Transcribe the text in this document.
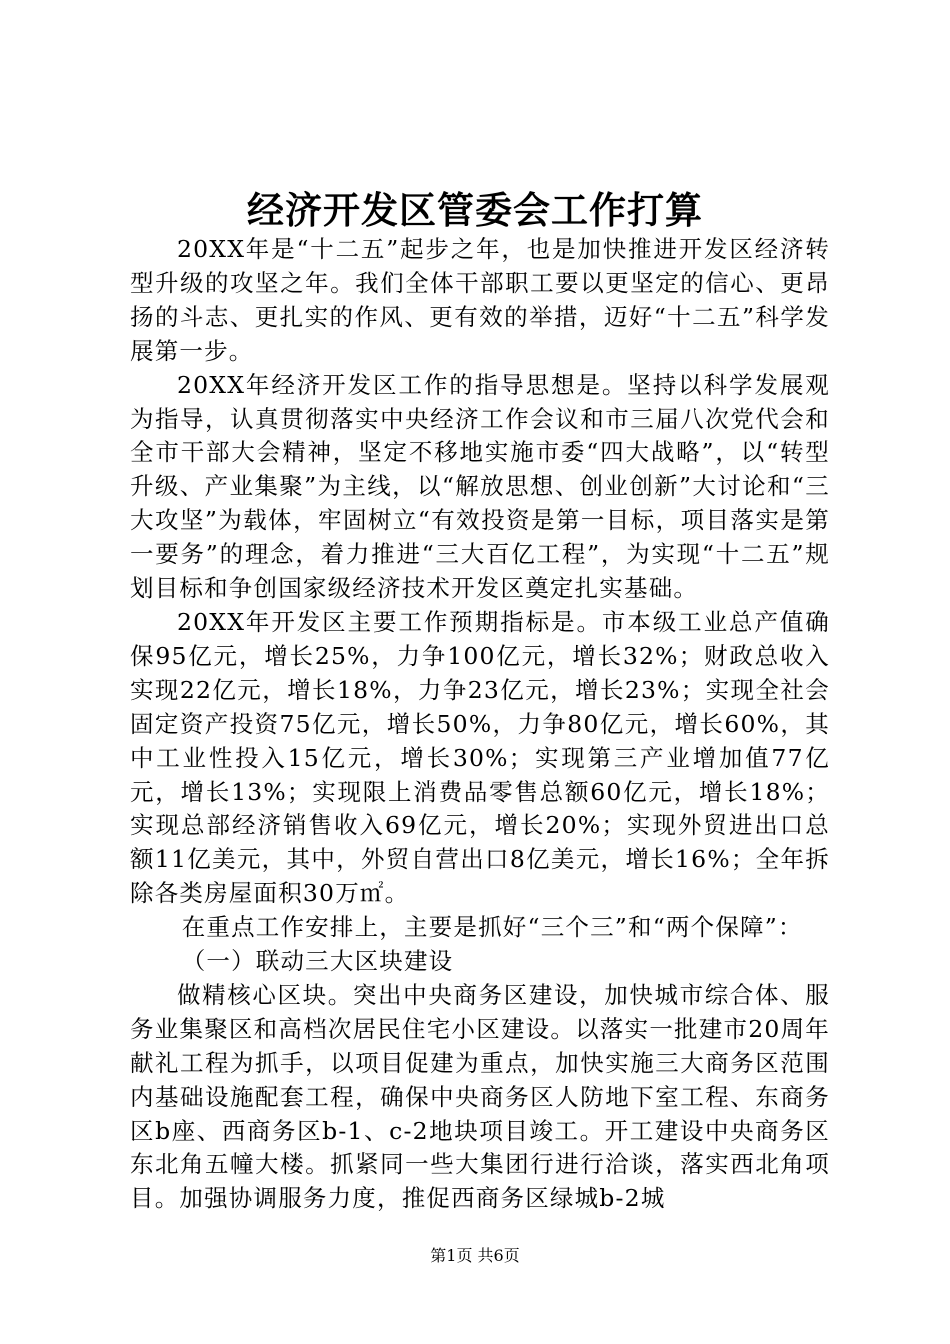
经济开发区管委会工作打算

20XX年是“十二五”起步之年，也是加快推进开发区经济转型升级的攻坚之年。我们全体干部职工要以更坚定的信心、更昂扬的斗志、更扎实的作风、更有效的举措，迈好“十二五”科学发展第一步。

20XX年经济开发区工作的指导思想是。坚持以科学发展观为指导，认真贯彻落实中央经济工作会议和市三届八次党代会和全市干部大会精神，坚定不移地实施市委“四大战略”，以“转型升级、产业集聚”为主线，以“解放思想、创业创新”大讨论和“三大攻坚”为载体，牢固树立“有效投资是第一目标，项目落实是第一要务”的理念，着力推进“三大百亿工程”，为实现“十二五”规划目标和争创国家级经济技术开发区奠定扎实基础。

20XX年开发区主要工作预期指标是。市本级工业总产值确保95亿元，增长25%，力争100亿元，增长32%；财政总收入实现22亿元，增长18%，力争23亿元，增长23%；实现全社会固定资产投资75亿元，增长50%，力争80亿元，增长60%，其中工业性投入15亿元，增长30%；实现第三产业增加值77亿元，增长13%；实现限上消费品零售总额60亿元，增长18%；实现总部经济销售收入69亿元，增长20%；实现外贸进出口总额11亿美元，其中，外贸自营出口8亿美元，增长16%；全年拆除各类房屋面积30万㎡。

在重点工作安排上，主要是抓好“三个三”和“两个保障”：

（一）联动三大区块建设

做精核心区块。突出中央商务区建设，加快城市综合体、服务业集聚区和高档次居民住宅小区建设。以落实一批建市20周年献礼工程为抓手，以项目促建为重点，加快实施三大商务区范围内基础设施配套工程，确保中央商务区人防地下室工程、东商务区b座、西商务区b-1、c-2地块项目竣工。开工建设中央商务区东北角五幢大楼。抓紧同一些大集团行进行洽谈，落实西北角项目。加强协调服务力度，推促西商务区绿城b-2城

第1页 共6页
